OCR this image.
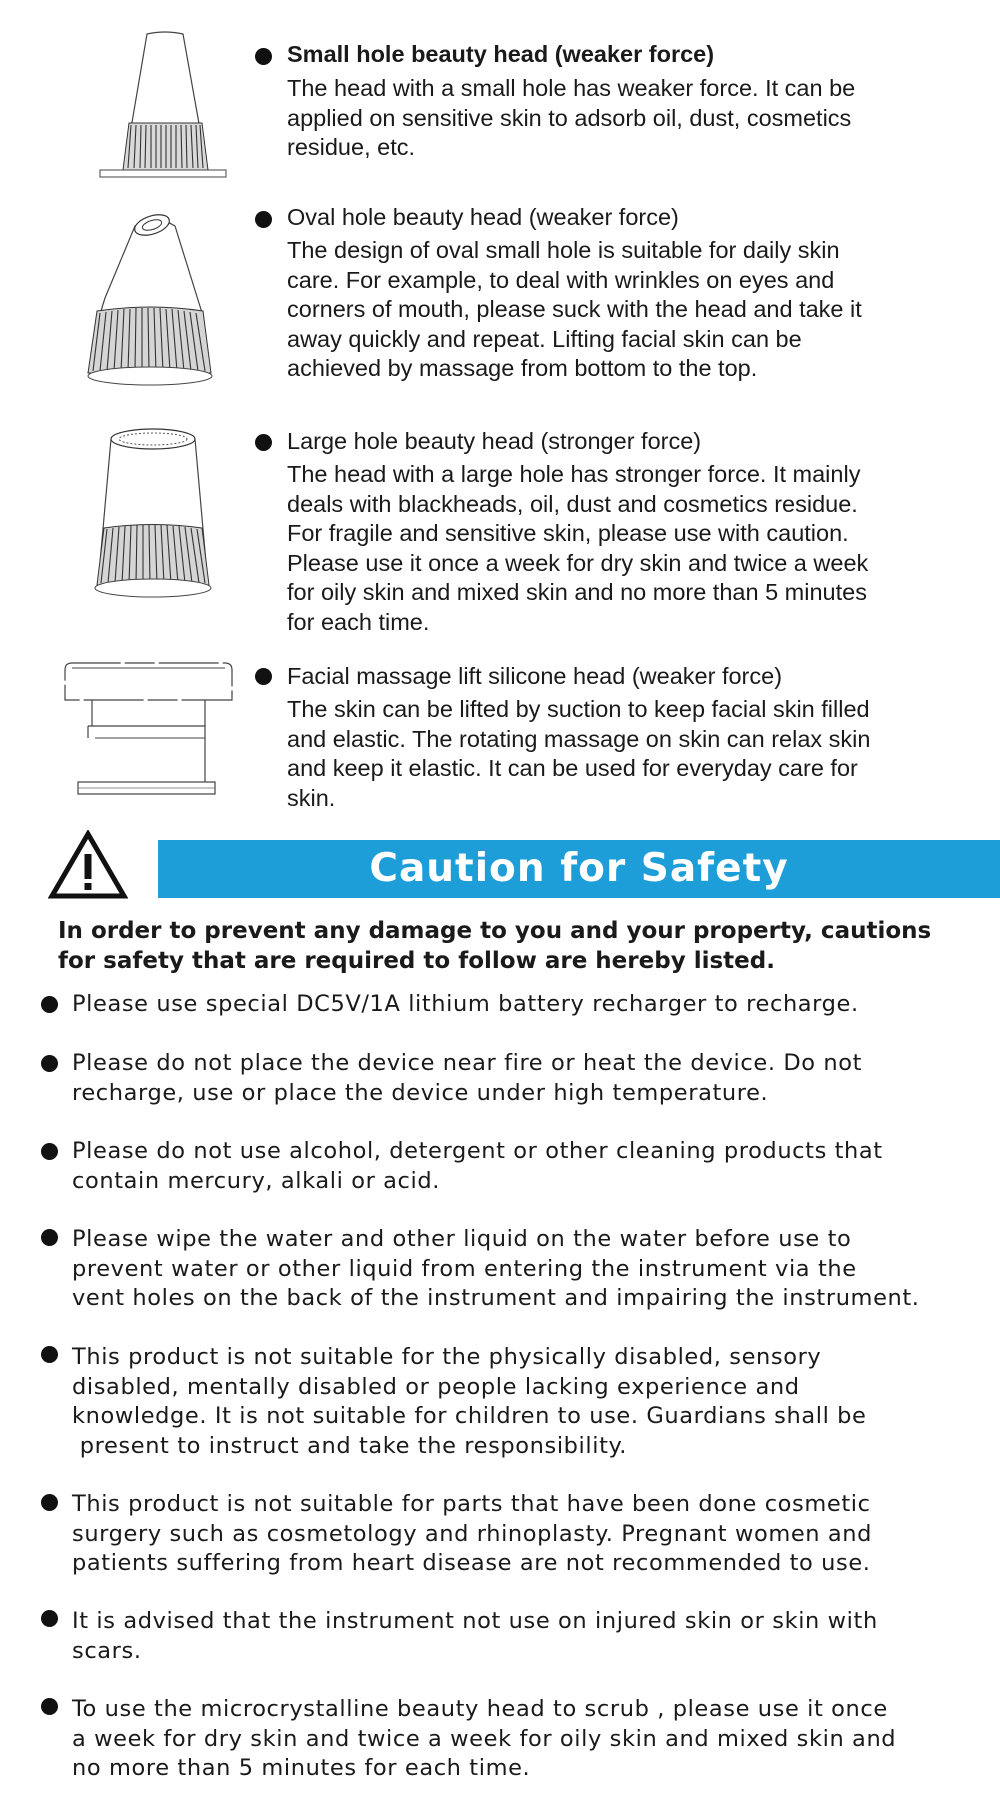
Small hole beauty head (weaker force)
The head with a small hole has weaker force. It can be
applied on sensitive skin to adsorb oil, dust, cosmetics
residue, etc.
Oval hole beauty head (weaker force)
The design of oval small hole is suitable for daily skin
care. For example, to deal with wrinkles on eyes and
corners of mouth, please suck with the head and take it
away quickly and repeat. Lifting facial skin can be
achieved by massage from bottom to the top.
Large hole beauty head (stronger force)
The head with a large hole has stronger force. It mainly
deals with blackheads, oil, dust and cosmetics residue.
For fragile and sensitive skin, please use with caution.
Please use it once a week for dry skin and twice a week
for oily skin and mixed skin and no more than 5 minutes
for each time.
Facial massage lift silicone head (weaker force)
The skin can be lifted by suction to keep facial skin filled
and elastic. The rotating massage on skin can relax skin
and keep it elastic. It can be used for everyday care for
skin.
Caution for Safety
In order to prevent any damage to you and your property, cautions
for safety that are required to follow are hereby listed.
Please use special DC5V/1A lithium battery recharger to recharge.
Please do not place the device near fire or heat the device. Do not
recharge, use or place the device under high temperature.
Please do not use alcohol, detergent or other cleaning products that
contain mercury, alkali or acid.
Please wipe the water and other liquid on the water before use to
prevent water or other liquid from entering the instrument via the
vent holes on the back of the instrument and impairing the instrument.
This product is not suitable for the physically disabled, sensory
disabled, mentally disabled or people lacking experience and
knowledge. It is not suitable for children to use. Guardians shall be
present to instruct and take the responsibility.
This product is not suitable for parts that have been done cosmetic
surgery such as cosmetology and rhinoplasty. Pregnant women and
patients suffering from heart disease are not recommended to use.
It is advised that the instrument not use on injured skin or skin with
scars.
To use the microcrystalline beauty head to scrub , please use it once
a week for dry skin and twice a week for oily skin and mixed skin and
no more than 5 minutes for each time.
